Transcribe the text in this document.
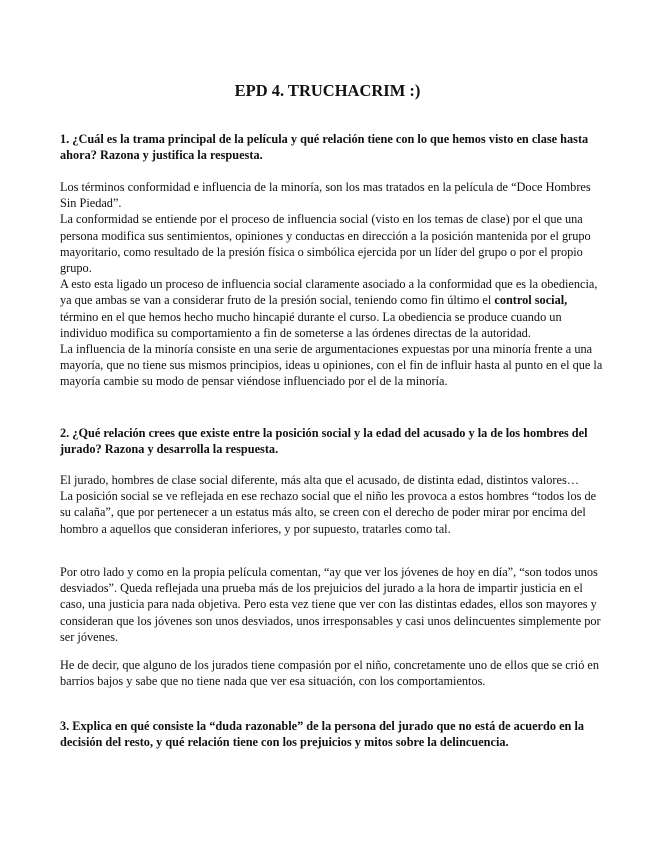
EPD 4. TRUCHACRIM :)

1. ¿Cuál es la trama principal de la película y qué relación tiene con lo que hemos visto en clase hasta ahora? Razona y justifica la respuesta.

Los términos conformidad e influencia de la minoría, son los mas tratados en la película de “Doce Hombres Sin Piedad”.
La conformidad se entiende por el proceso de influencia social (visto en los temas de clase) por el que una persona modifica sus sentimientos, opiniones y conductas en dirección a la posición mantenida por el grupo mayoritario, como resultado de la presión física o simbólica ejercida por un líder del grupo o por el propio grupo.
A esto esta ligado un proceso de influencia social claramente asociado a la conformidad que es la obediencia, ya que ambas se van a considerar fruto de la presión social, teniendo como fin último el control social, término en el que hemos hecho mucho hincapié durante el curso. La obediencia se produce cuando un individuo modifica su comportamiento a fin de someterse a las órdenes directas de la autoridad.
La influencia de la minoría consiste en una serie de argumentaciones expuestas por una minoría frente a una mayoría, que no tiene sus mismos principios, ideas u opiniones, con el fin de influir hasta al punto en el que la mayoría cambie su modo de pensar viéndose influenciado por el de la minoría.

2. ¿Qué relación crees que existe entre la posición social y la edad del acusado y la de los hombres del jurado? Razona y desarrolla la respuesta.

El jurado, hombres de clase social diferente, más alta que el acusado, de distinta edad, distintos valores…
La posición social se ve reflejada en ese rechazo social que el niño les provoca a estos hombres “todos los de su calaña”, que por pertenecer a un estatus más alto, se creen con el derecho de poder mirar por encima del hombro a aquellos que consideran inferiores, y por supuesto, tratarles como tal.

Por otro lado y como en la propia película comentan, “ay que ver los jóvenes de hoy en día”, “son todos unos desviados”. Queda reflejada una prueba más de los prejuicios del jurado a la hora de impartir justicia en el caso, una justicia para nada objetiva. Pero esta vez tiene que ver con las distintas edades, ellos son mayores y consideran que los jóvenes son unos desviados, unos irresponsables y casi unos delincuentes simplemente por ser jóvenes.

He de decir, que alguno de los jurados tiene compasión por el niño, concretamente uno de ellos que se crió en barrios bajos y sabe que no tiene nada que ver esa situación, con los comportamientos.

3. Explica en qué consiste la “duda razonable” de la persona del jurado que no está de acuerdo en la decisión del resto, y qué relación tiene con los prejuicios y mitos sobre la delincuencia.
